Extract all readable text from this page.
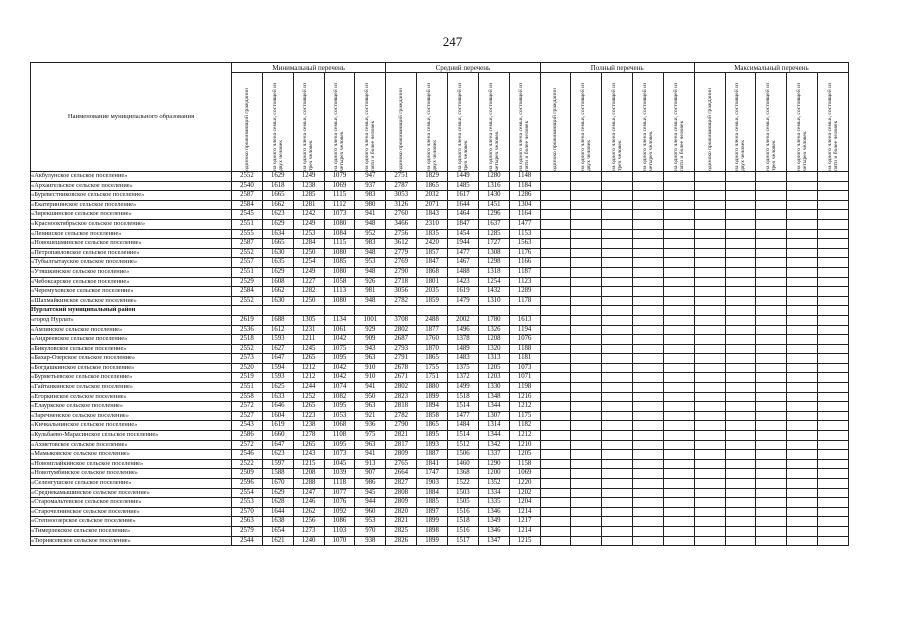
247
Наименование муниципального образования	Минимальный перечень					Средний перечень					Полный перечень					Максимальный перечень				

	одиноко проживающий гражданин	на одного члена семьи, состоящей из двух человек	на одного члена семьи, состоящей из трех человек	на одного члена семьи, состоящей из четырех человек	на одного члена семьи, состоящей из пяти и более человек	одиноко проживающий гражданин	на одного члена семьи, состоящей из двух человек	на одного члена семьи, состоящей из трех человек	на одного члена семьи, состоящей из четырех человек	на одного члена семьи, состоящей из пяти и более человек	одиноко проживающий гражданин	на одного члена семьи, состоящей из двух человек	на одного члена семьи, состоящей из трех человек	на одного члена семьи, состоящей из четырех человек	на одного члена семьи, состоящей из пяти и более человек	одиноко проживающий гражданин	на одного члена семьи, состоящей из двух человек	на одного члена семьи, состоящей из трех человек	на одного члена семьи, состоящей из четырех человек	на одного члена семьи, состоящей из пяти и более человек

«Акбулунское сельское поселение»	2552	1629	1249	1079	947	2751	1829	1449	1280	1148										
«Архангельское сельское поселение»	2540	1618	1238	1069	937	2787	1865	1485	1316	1184										
«Буревестниковское сельское поселение»	2587	1665	1285	1115	983	3053	2032	1617	1430	1286										
«Екатерининское сельское поселение»	2584	1662	1281	1112	980	3126	2071	1644	1451	1304										
«Зирекшинское сельское поселение»	2545	1623	1242	1073	941	2760	1843	1464	1296	1164										
«Краснооктябрьское сельское поселение»	2551	1629	1249	1080	948	3466	2310	1847	1637	1477										
«Ленинское сельское поселение»	2555	1634	1253	1084	952	2756	1835	1454	1285	1153										
«Новошешминское сельское поселение»	2587	1665	1284	1115	983	3612	2420	1944	1727	1563										
«Петропавловское сельское поселение»	2552	1630	1250	1080	948	2779	1857	1477	1308	1176										
«Тубылгытауское сельское поселение»	2557	1635	1254	1085	953	2769	1847	1467	1298	1166										
«Утяшкинское сельское поселение»	2551	1629	1249	1080	948	2790	1868	1488	1318	1187										
«Чебоксарское сельское поселение»	2529	1608	1227	1058	926	2718	1801	1423	1254	1123										
«Черемуховское сельское поселение»	2584	1662	1282	1113	981	3056	2035	1619	1432	1289										
«Шахмайкинское сельское поселение»	2552	1630	1250	1080	948	2782	1859	1479	1310	1178										
Нурлатский муниципальный район																				
«город Нурлат»	2619	1688	1305	1134	1001	3708	2488	2002	1780	1613										
«Амзинское сельское поселение»	2536	1612	1231	1061	929	2802	1877	1496	1326	1194										
«Андреевское сельское поселение»	2518	1593	1211	1042	909	2687	1760	1378	1208	1076										
«Бикуловское сельское поселение»	2552	1627	1245	1075	943	2793	1870	1489	1320	1188										
«Бахар-Озерское сельское поселение»	2573	1647	1265	1095	963	2791	1865	1483	1313	1181										
«Богдашкинское сельское поселение»	2520	1594	1212	1042	910	2678	1755	1375	1205	1073										
«Бурметьевское сельское поселение»	2519	1593	1212	1042	910	2671	1751	1372	1203	1071										
«Гайтанкинское сельское поселение»	2551	1625	1244	1074	941	2802	1880	1499	1330	1198										
«Егоркинское сельское поселение»	2558	1633	1252	1082	950	2823	1899	1518	1348	1216										
«Елауркское сельское поселение»	2572	1646	1265	1095	963	2818	1894	1514	1344	1212										
«Заречненское сельское поселение»	2527	1604	1223	1053	921	2782	1858	1477	1307	1175										
«Кичкальнинское сельское поселение»	2543	1619	1238	1068	936	2790	1865	1484	1314	1182										
«Кульбаево-Марасинское сельское поселение»	2586	1660	1278	1108	975	2821	1895	1514	1344	1212										
«Ахметовское сельское поселение»	2572	1647	1265	1095	963	2817	1893	1512	1342	1210										
«Мамыковское сельское поселение»	2546	1623	1243	1073	941	2809	1887	1506	1337	1205										
«Новоиглайкинское сельское поселение»	2522	1597	1215	1045	913	2765	1841	1460	1290	1158										
«Новотумбинское сельское поселение»	2509	1588	1208	1039	907	2664	1747	1368	1200	1069										
«Селенгушское сельское поселение»	2596	1670	1288	1118	986	2827	1903	1522	1352	1220										
«Среднекамышинское сельское поселение»	2554	1629	1247	1077	945	2808	1884	1503	1334	1202										
«Старомальтевское сельское поселение»	2553	1628	1246	1076	944	2809	1885	1505	1335	1204										
«Старочелнинское сельское поселение»	2570	1644	1262	1092	960	2820	1897	1516	1346	1214										
«Степноозерское сельское поселение»	2563	1638	1256	1086	953	2821	1899	1518	1349	1217										
«Тимерлекское сельское поселение»	2579	1654	1273	1103	970	2825	1898	1516	1346	1214										
«Тюрнясевское сельское поселение»	2544	1621	1240	1070	938	2826	1899	1517	1347	1215										
